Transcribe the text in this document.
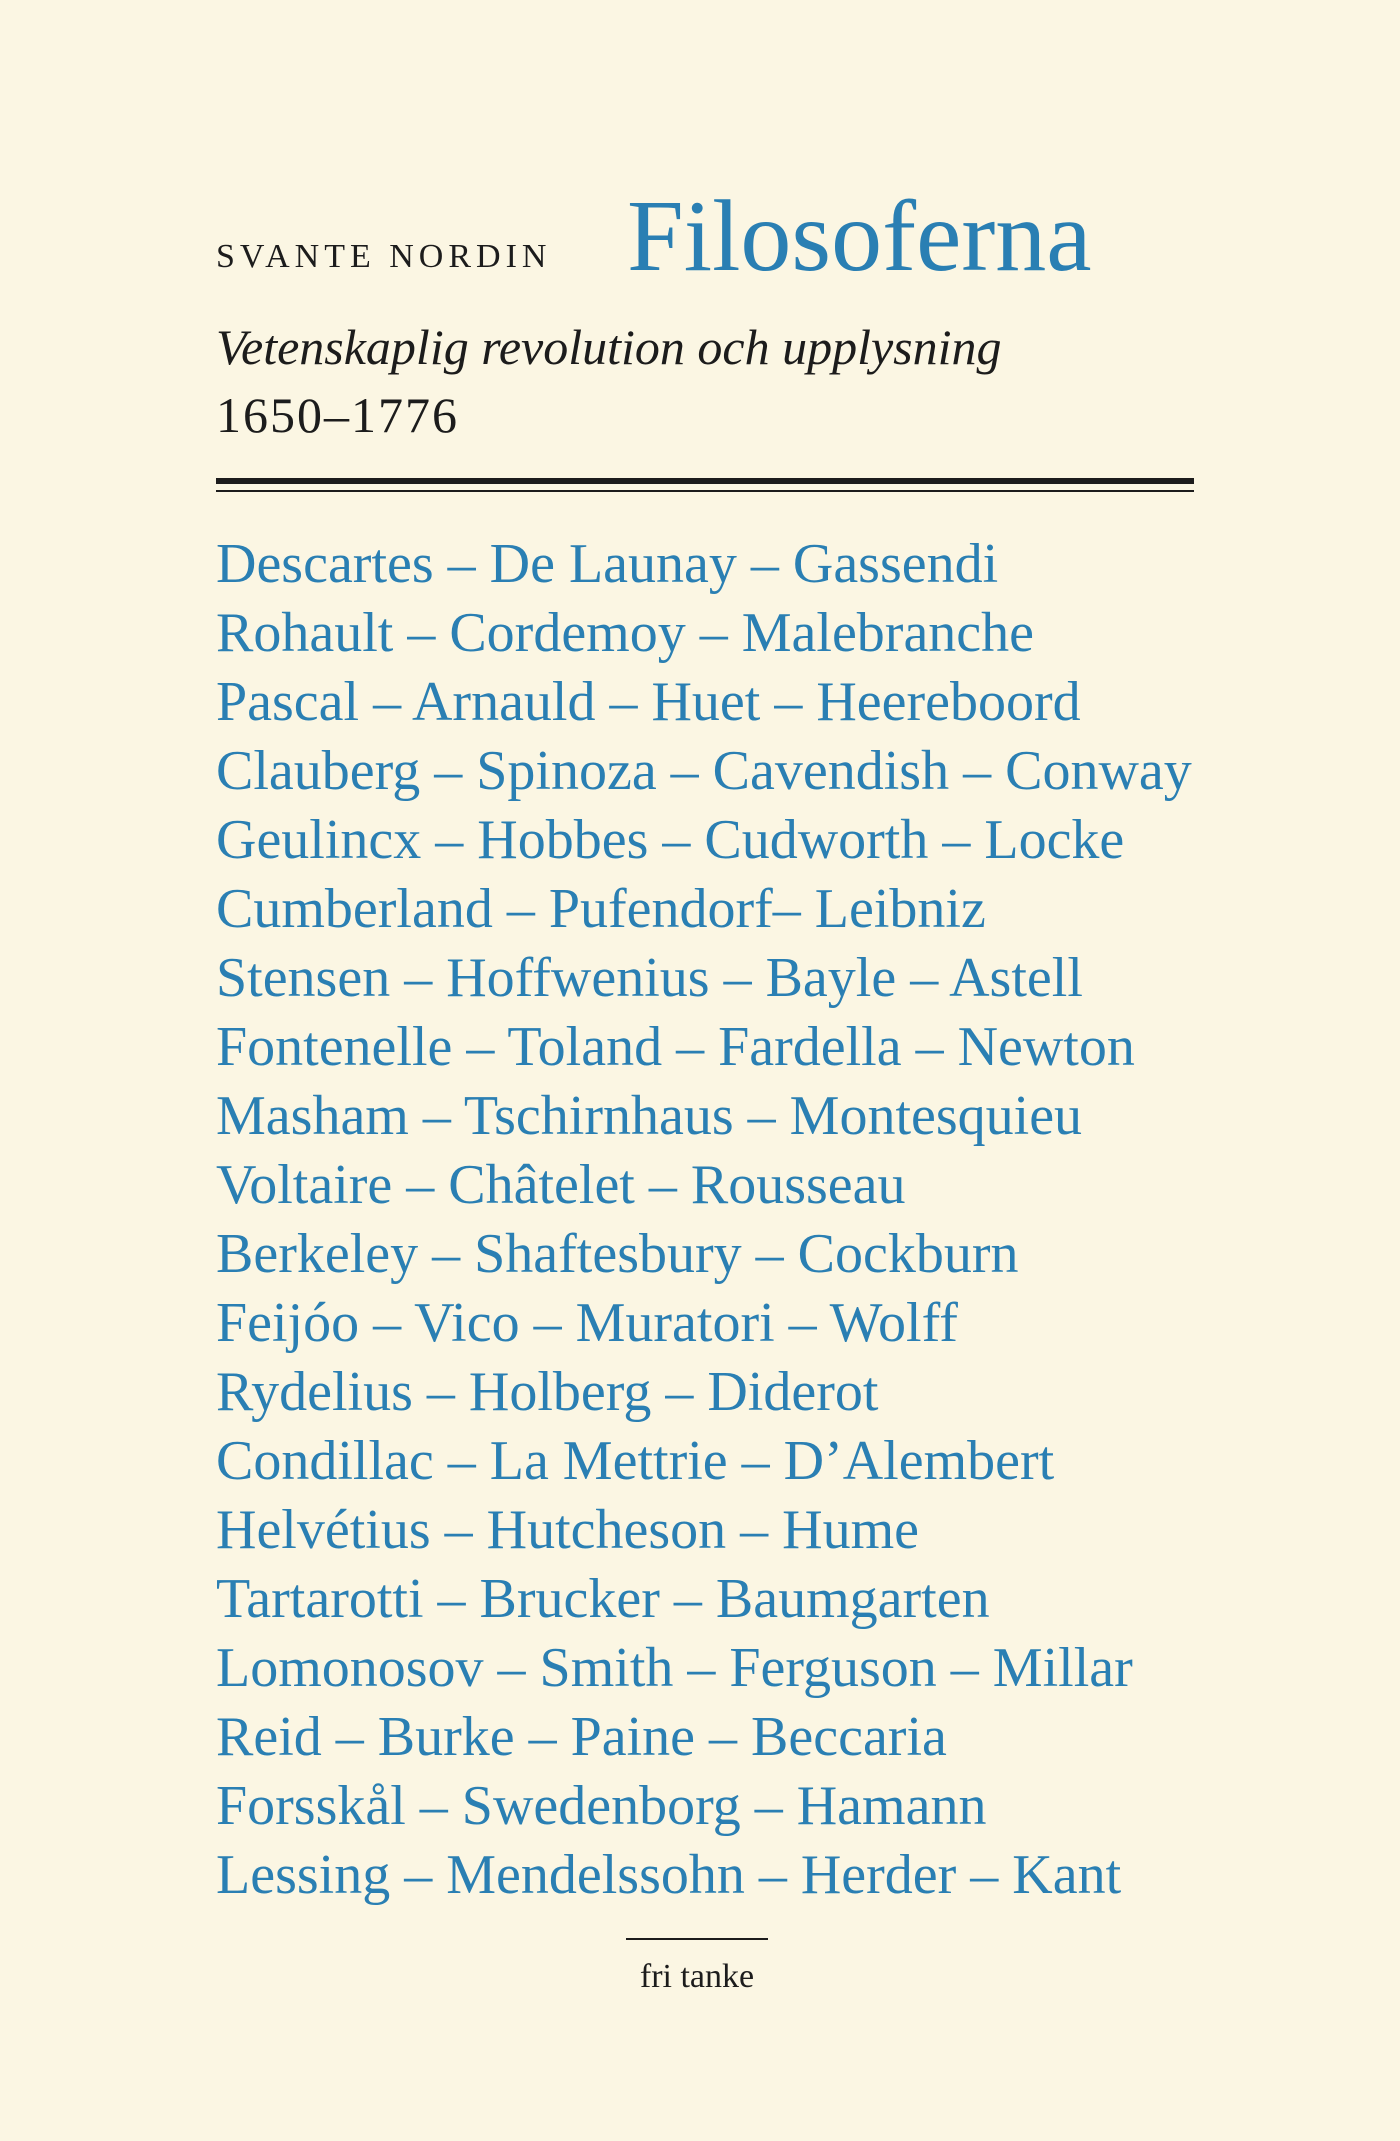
SVANTE NORDIN Filosoferna
Vetenskaplig revolution och upplysning
1650–1776
Descartes – De Launay – Gassendi
Rohault – Cordemoy – Malebranche
Pascal – Arnauld – Huet – Heereboord
Clauberg – Spinoza – Cavendish – Conway
Geulincx – Hobbes – Cudworth – Locke
Cumberland – Pufendorf– Leibniz
Stensen – Hoffwenius – Bayle – Astell
Fontenelle – Toland – Fardella – Newton
Masham – Tschirnhaus – Montesquieu
Voltaire – Châtelet – Rousseau
Berkeley – Shaftesbury – Cockburn
Feijóo – Vico – Muratori – Wolff
Rydelius – Holberg – Diderot
Condillac – La Mettrie – D’Alembert
Helvétius – Hutcheson – Hume
Tartarotti – Brucker – Baumgarten
Lomonosov – Smith – Ferguson – Millar
Reid – Burke – Paine – Beccaria
Forsskål – Swedenborg – Hamann
Lessing – Mendelssohn – Herder – Kant
fri tanke
